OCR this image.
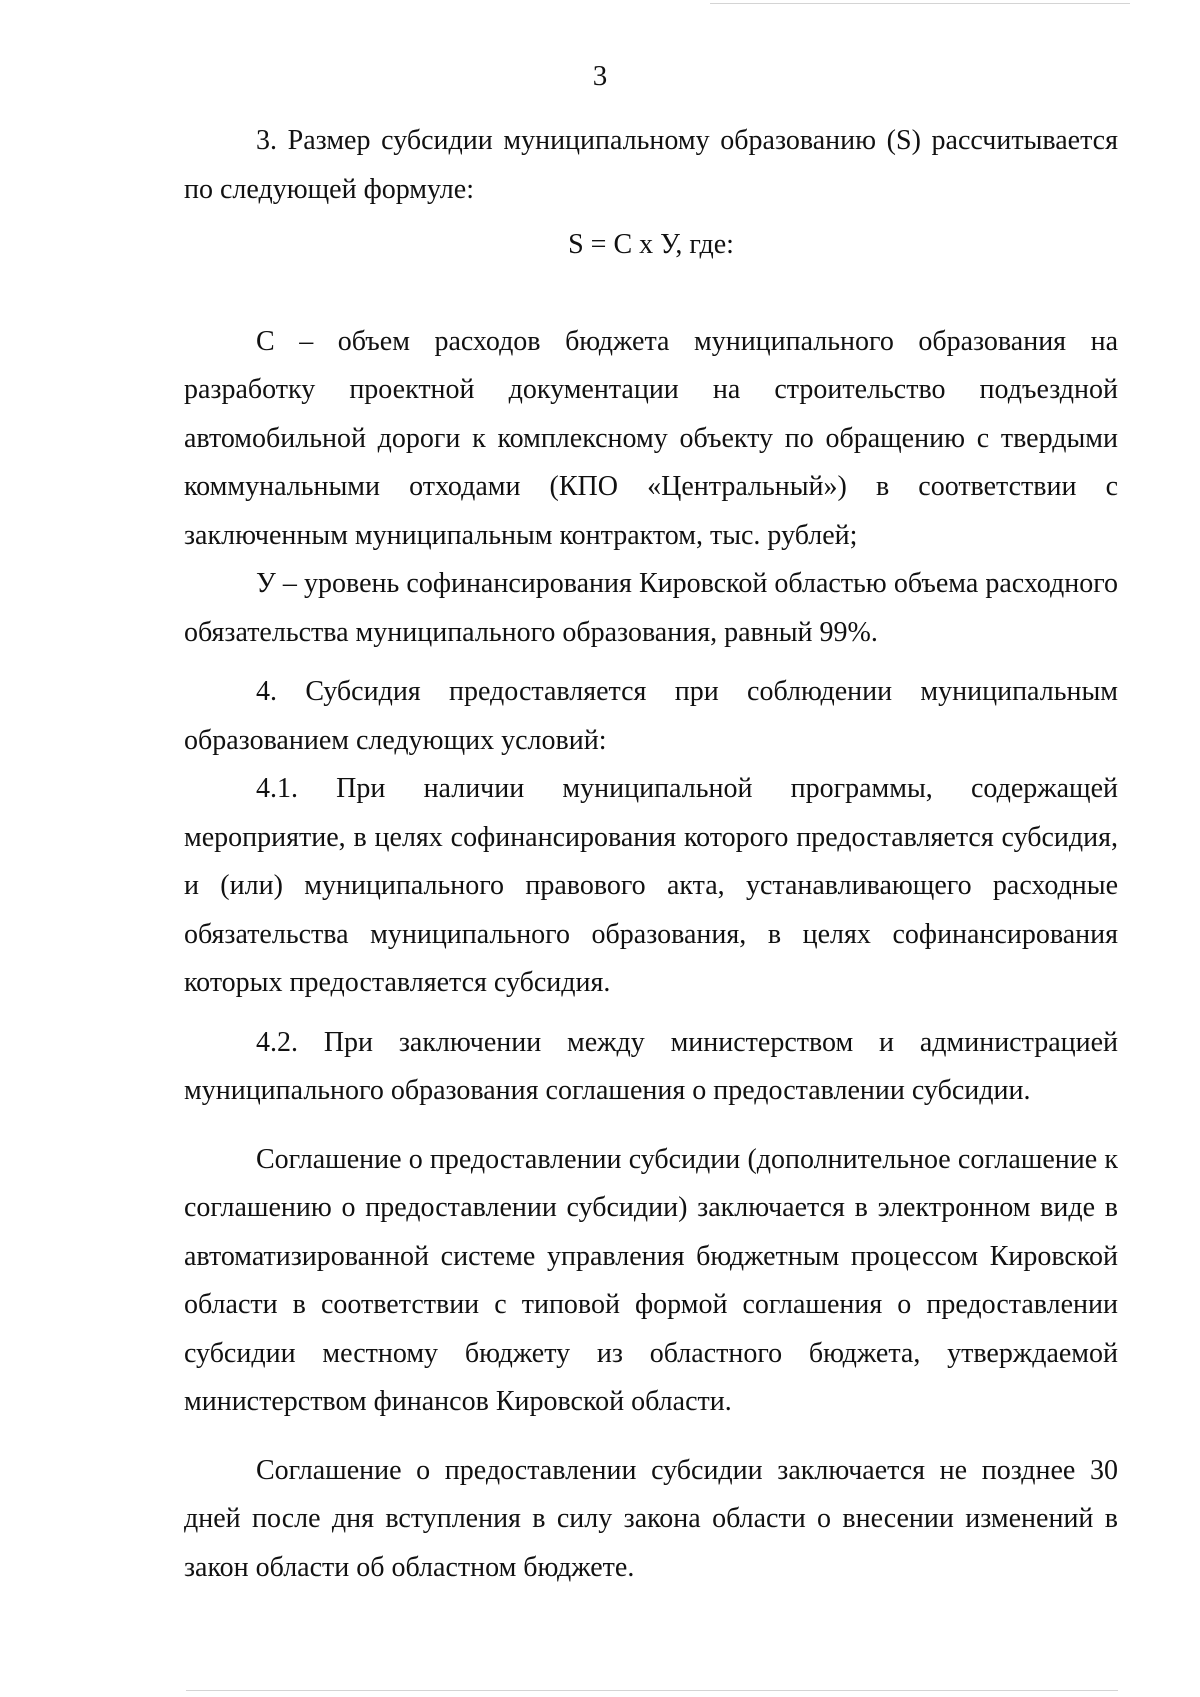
3

3. Размер субсидии муниципальному образованию (S) рассчитывается по следующей формуле:

S = C x У, где:

C – объем расходов бюджета муниципального образования на разработку проектной документации на строительство подъездной автомобильной дороги к комплексному объекту по обращению с твердыми коммунальными отходами (КПО «Центральный») в соответствии с заключенным муниципальным контрактом, тыс. рублей;

У – уровень софинансирования Кировской областью объема расходного обязательства муниципального образования, равный 99%.

4. Субсидия предоставляется при соблюдении муниципальным образованием следующих условий:

4.1. При наличии муниципальной программы, содержащей мероприятие, в целях софинансирования которого предоставляется субсидия, и (или) муниципального правового акта, устанавливающего расходные обязательства муниципального образования, в целях софинансирования которых предоставляется субсидия.

4.2. При заключении между министерством и администрацией муниципального образования соглашения о предоставлении субсидии.

Соглашение о предоставлении субсидии (дополнительное соглашение к соглашению о предоставлении субсидии) заключается в электронном виде в автоматизированной системе управления бюджетным процессом Кировской области в соответствии с типовой формой соглашения о предоставлении субсидии местному бюджету из областного бюджета, утверждаемой министерством финансов Кировской области.

Соглашение о предоставлении субсидии заключается не позднее 30 дней после дня вступления в силу закона области о внесении изменений в закон области об областном бюджете.
